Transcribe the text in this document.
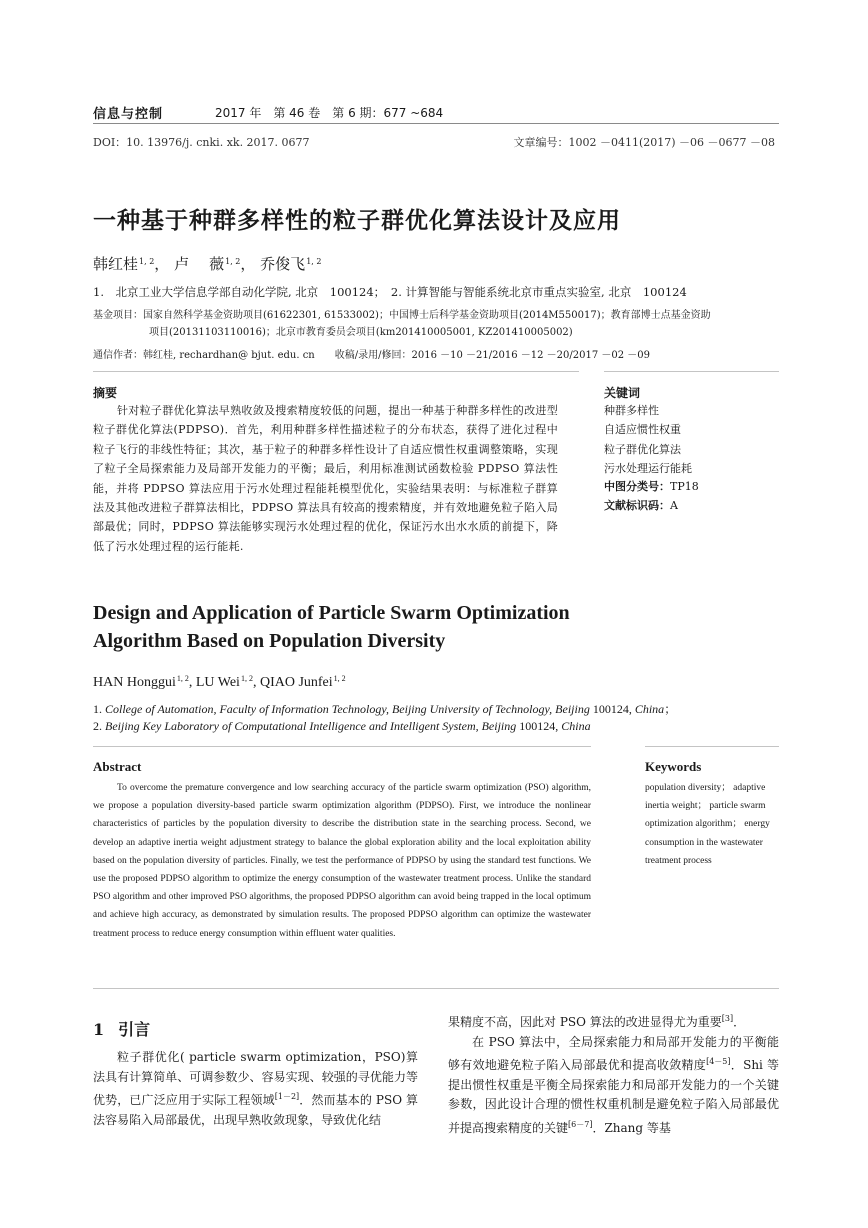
信息与控制	2017 年　第 46 卷　第 6 期：677 ~684
DOI：10. 13976/j. cnki. xk. 2017. 0677	文章编号：1002 －0411(2017) －06 －0677 －08
一种基于种群多样性的粒子群优化算法设计及应用
韩红桂$^{1, 2}$， 卢 薇$^{1, 2}$， 乔俊飞$^{1, 2}$
1.　北京工业大学信息学部自动化学院, 北京　100124；　2. 计算智能与智能系统北京市重点实验室, 北京　100124
基金项目：国家自然科学基金资助项目(61622301, 61533002)；中国博士后科学基金资助项目(2014M550017)；教育部博士点基金资助
项目(20131103110016)；北京市教育委员会项目(km201410005001, KZ201410005002)
通信作者：韩红桂, rechardhan@ bjut. edu. cn　　收稿/录用/修回：2016 －10 －21/2016 －12 －20/2017 －02 －09
摘要

针对粒子群优化算法早熟收敛及搜索精度较低的问题，提出一种基于种群多样性的改进型粒子群优化算法(PDPSO)．首先，利用种群多样性描述粒子的分布状态，获得了进化过程中粒子飞行的非线性特征；其次，基于粒子的种群多样性设计了自适应惯性权重调整策略，实现了粒子全局探索能力及局部开发能力的平衡；最后，利用标准测试函数检验 PDPSO 算法性能，并将 PDPSO 算法应用于污水处理过程能耗模型优化，实验结果表明：与标准粒子群算法及其他改进粒子群算法相比，PDPSO 算法具有较高的搜索精度，并有效地避免粒子陷入局部最优；同时，PDPSO 算法能够实现污水处理过程的优化，保证污水出水水质的前提下，降低了污水处理过程的运行能耗.

关键词
种群多样性
自适应惯性权重
粒子群优化算法
污水处理运行能耗
中图分类号：TP18
文献标识码：A
Design and Application of Particle Swarm Optimization Algorithm Based on Population Diversity
HAN Honggui$^{1, 2}$, LU Wei$^{1, 2}$, QIAO Junfei$^{1, 2}$
1. College of Automation, Faculty of Information Technology, Beijing University of Technology, Beijing 100124, China；
2. Beijing Key Laboratory of Computational Intelligence and Intelligent System, Beijing 100124, China
Abstract

To overcome the premature convergence and low searching accuracy of the particle swarm optimization (PSO) algorithm, we propose a population diversity-based particle swarm optimization algorithm (PDPSO). First, we introduce the nonlinear characteristics of particles by the population diversity to describe the distribution state in the searching process. Second, we develop an adaptive inertia weight adjustment strategy to balance the global exploration ability and the local exploitation ability based on the population diversity of particles. Finally, we test the performance of PDPSO by using the standard test functions. We use the proposed PDPSO algorithm to optimize the energy consumption of the wastewater treatment process. Unlike the standard PSO algorithm and other improved PSO algorithms, the proposed PDPSO algorithm can avoid being trapped in the local optimum and achieve high accuracy, as demonstrated by simulation results. The proposed PDPSO algorithm can optimize the wastewater treatment process to reduce energy consumption within effluent water qualities.

Keywords

population diversity； adaptive inertia weight； particle swarm optimization algorithm； energy consumption in the wastewater treatment process

1 引言

粒子群优化( particle swarm optimization，PSO)算法具有计算简单、可调参数少、容易实现、较强的寻优能力等优势，已广泛应用于实际工程领域[1－2]．然而基本的 PSO 算法容易陷入局部最优，出现早熟收敛现象，导致优化结

果精度不高，因此对 PSO 算法的改进显得尤为重要[3]．

在 PSO 算法中，全局探索能力和局部开发能力的平衡能够有效地避免粒子陷入局部最优和提高收敛精度[4－5]．Shi 等提出惯性权重是平衡全局探索能力和局部开发能力的一个关键参数，因此设计合理的惯性权重机制是避免粒子陷入局部最优并提高搜索精度的关键[6－7]．Zhang 等基
